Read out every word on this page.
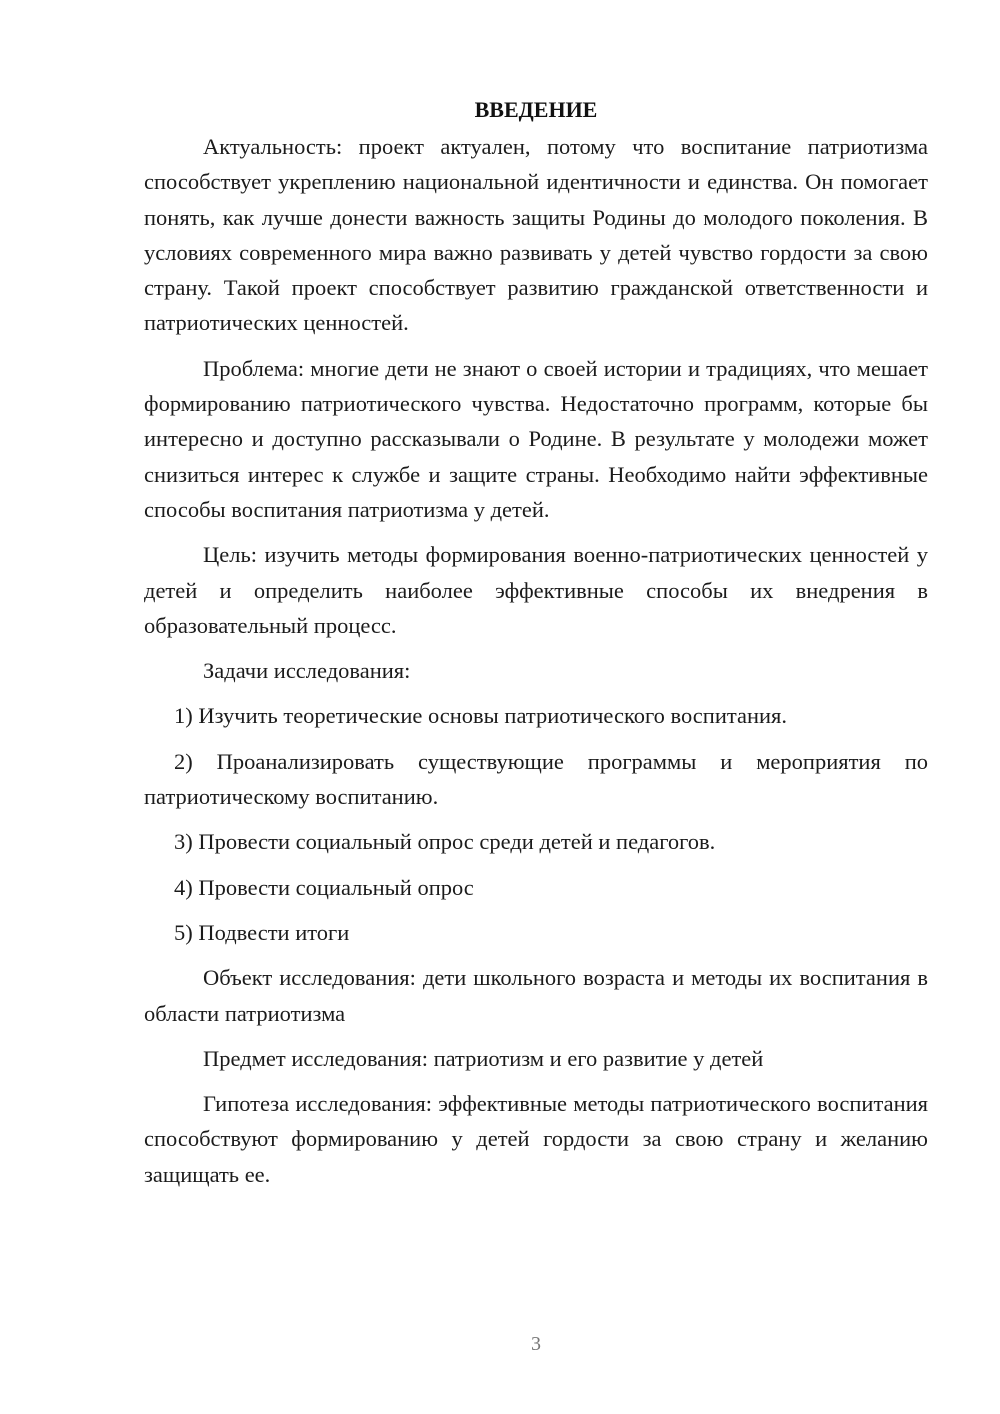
ВВЕДЕНИЕ

Актуальность: проект актуален, потому что воспитание патриотизма способствует укреплению национальной идентичности и единства. Он помогает понять, как лучше донести важность защиты Родины до молодого поколения. В условиях современного мира важно развивать у детей чувство гордости за свою страну. Такой проект способствует развитию гражданской ответственности и патриотических ценностей.

Проблема: многие дети не знают о своей истории и традициях, что мешает формированию патриотического чувства. Недостаточно программ, которые бы интересно и доступно рассказывали о Родине. В результате у молодежи может снизиться интерес к службе и защите страны. Необходимо найти эффективные способы воспитания патриотизма у детей.

Цель: изучить методы формирования военно-патриотических ценностей у детей и определить наиболее эффективные способы их внедрения в образовательный процесс.

Задачи исследования:

1) Изучить теоретические основы патриотического воспитания.

2) Проанализировать существующие программы и мероприятия по патриотическому воспитанию.

3) Провести социальный опрос среди детей и педагогов.

4) Провести социальный опрос

5) Подвести итоги

Объект исследования: дети школьного возраста и методы их воспитания в области патриотизма

Предмет исследования: патриотизм и его развитие у детей

Гипотеза исследования: эффективные методы патриотического воспитания способствуют формированию у детей гордости за свою страну и желанию защищать ее.

3
